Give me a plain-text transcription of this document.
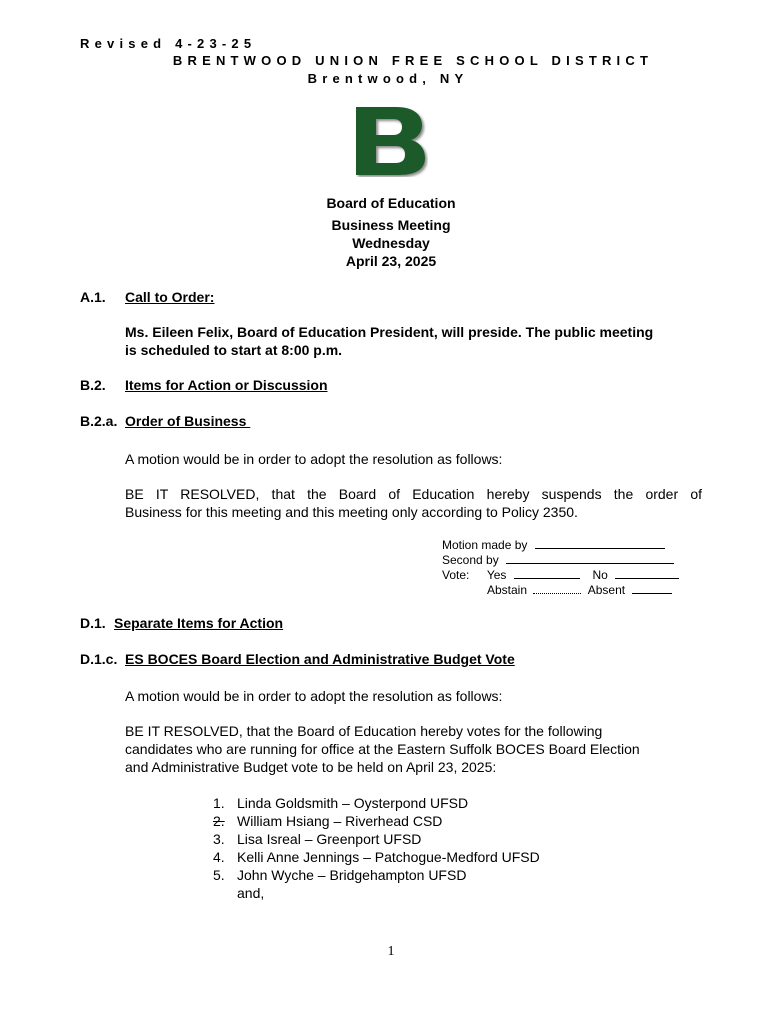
Revised 4-23-25
BRENTWOOD UNION FREE SCHOOL DISTRICT
Brentwood, NY
Board of Education
Business Meeting
Wednesday
April 23, 2025
A.1. Call to Order:
Ms. Eileen Felix, Board of Education President, will preside. The public meeting
is scheduled to start at 8:00 p.m.
B.2. Items for Action or Discussion
B.2.a. Order of Business
A motion would be in order to adopt the resolution as follows:
BE IT RESOLVED, that the Board of Education hereby suspends the order of
Business for this meeting and this meeting only according to Policy 2350.
Motion made by
Second by
Vote: Yes	No
Abstain	Absent
D.1. Separate Items for Action
D.1.c. ES BOCES Board Election and Administrative Budget Vote
A motion would be in order to adopt the resolution as follows:
BE IT RESOLVED, that the Board of Education hereby votes for the following
candidates who are running for office at the Eastern Suffolk BOCES Board Election
and Administrative Budget vote to be held on April 23, 2025:
1. Linda Goldsmith – Oysterpond UFSD
2. William Hsiang – Riverhead CSD
3. Lisa Isreal – Greenport UFSD
4. Kelli Anne Jennings – Patchogue-Medford UFSD
5. John Wyche – Bridgehampton UFSD
and,
1
